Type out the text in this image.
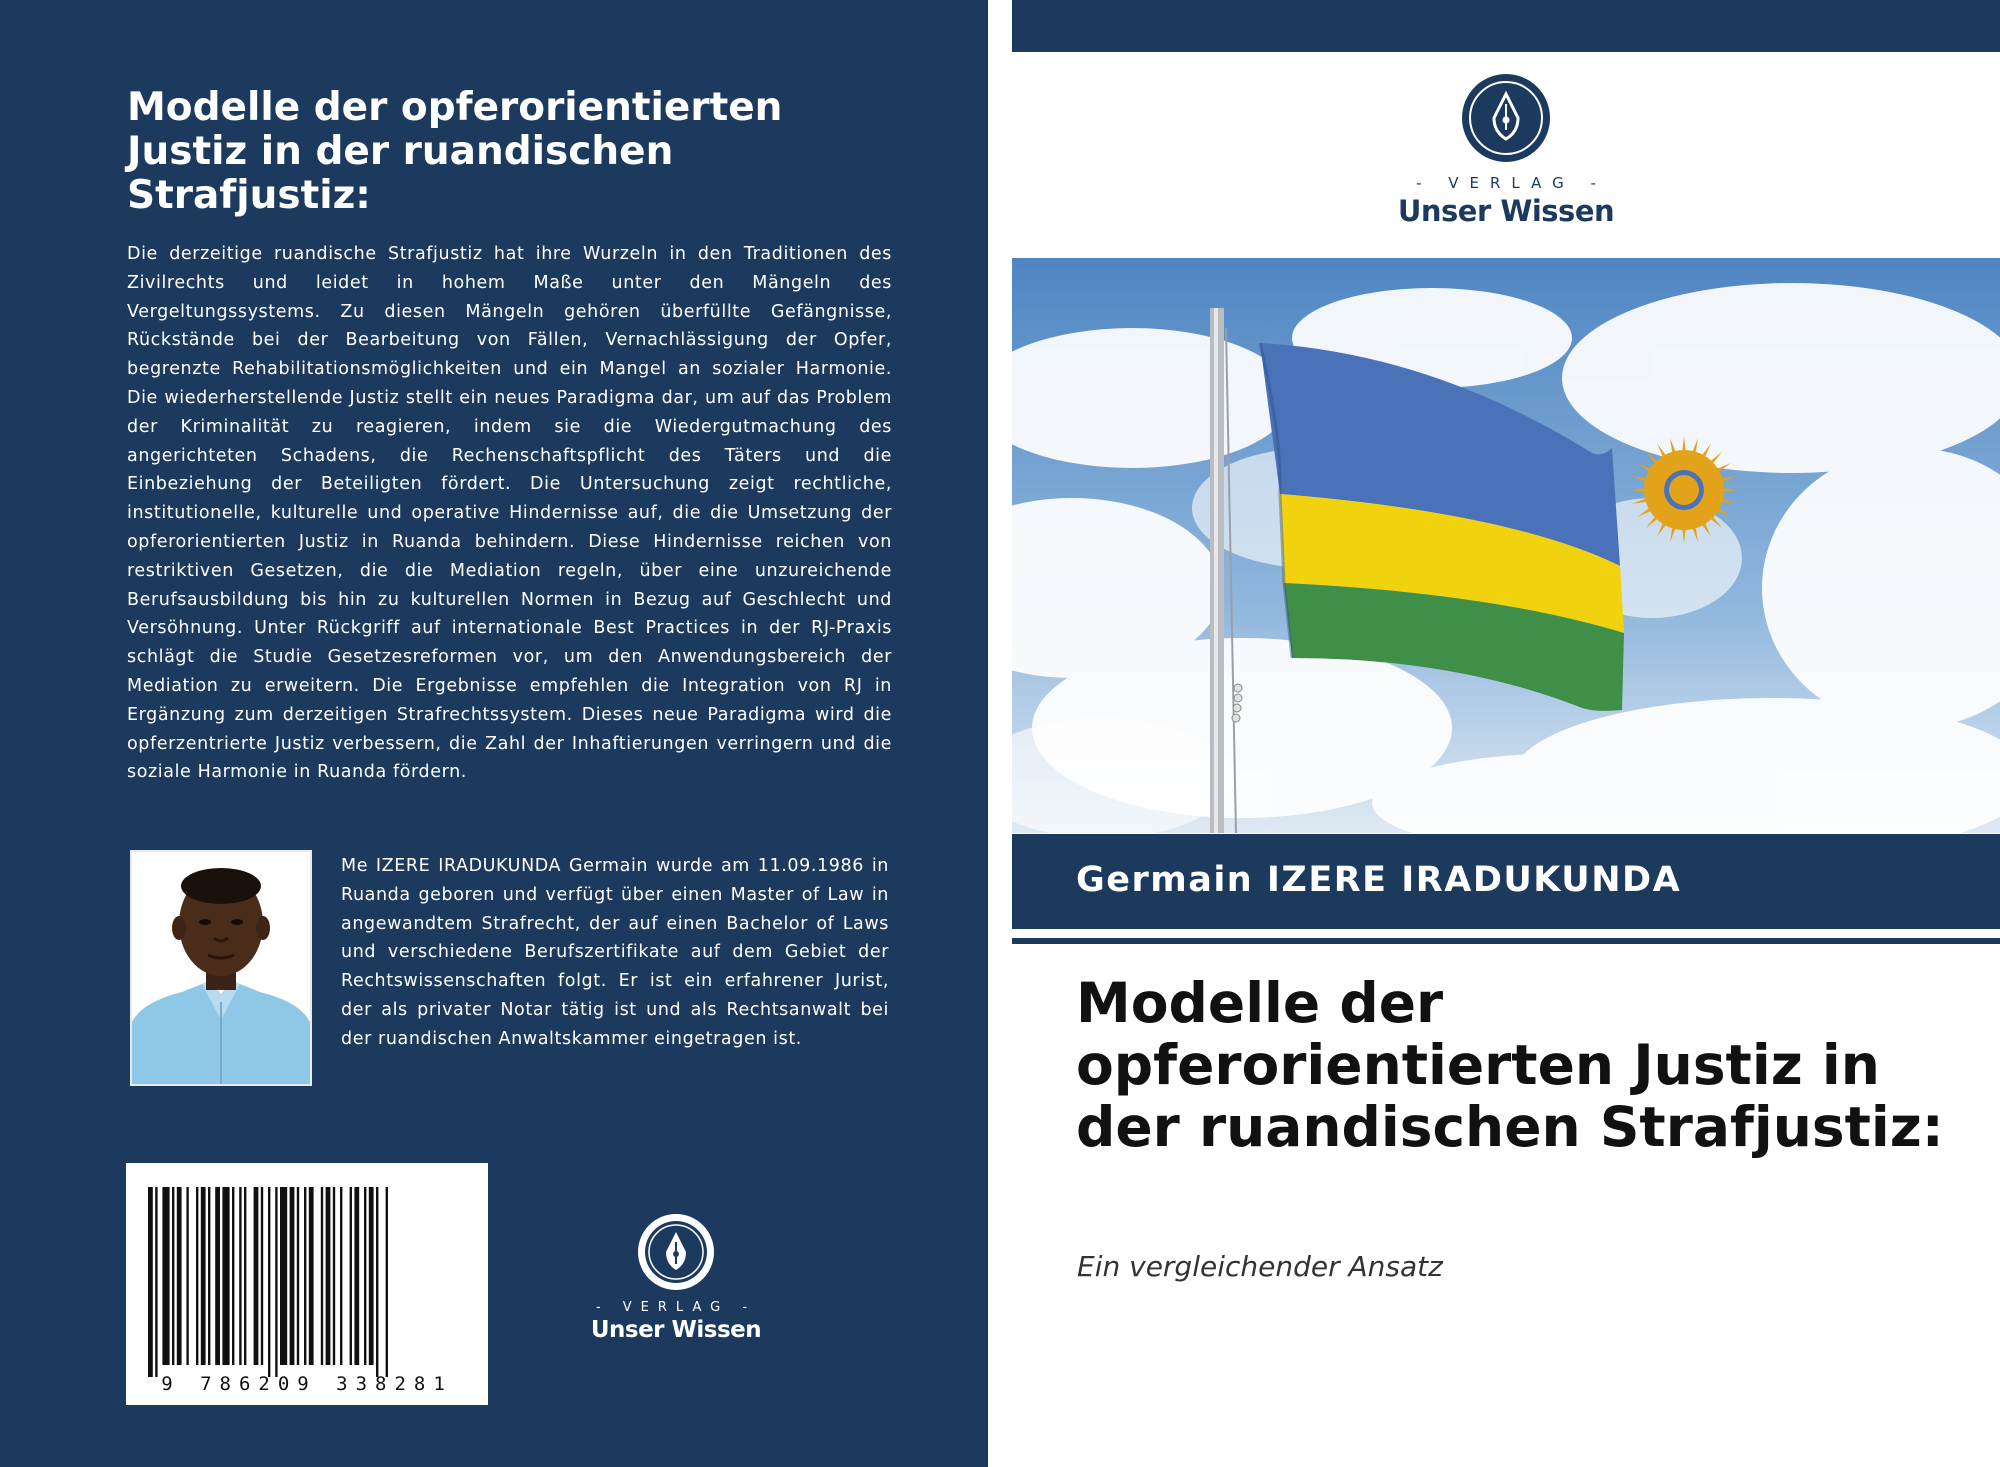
Modelle der opferorientierten Justiz in der ruandischen Strafjustiz:

Die derzeitige ruandische Strafjustiz hat ihre Wurzeln in den Traditionen des Zivilrechts und leidet in hohem Maße unter den Mängeln des Vergeltungssystems. Zu diesen Mängeln gehören überfüllte Gefängnisse, Rückstände bei der Bearbeitung von Fällen, Vernachlässigung der Opfer, begrenzte Rehabilitationsmöglichkeiten und ein Mangel an sozialer Harmonie. Die wiederherstellende Justiz stellt ein neues Paradigma dar, um auf das Problem der Kriminalität zu reagieren, indem sie die Wiedergutmachung des angerichteten Schadens, die Rechenschaftspflicht des Täters und die Einbeziehung der Beteiligten fördert. Die Untersuchung zeigt rechtliche, institutionelle, kulturelle und operative Hindernisse auf, die die Umsetzung der opferorientierten Justiz in Ruanda behindern. Diese Hindernisse reichen von restriktiven Gesetzen, die die Mediation regeln, über eine unzureichende Berufsausbildung bis hin zu kulturellen Normen in Bezug auf Geschlecht und Versöhnung. Unter Rückgriff auf internationale Best Practices in der RJ-Praxis schlägt die Studie Gesetzesreformen vor, um den Anwendungsbereich der Mediation zu erweitern. Die Ergebnisse empfehlen die Integration von RJ in Ergänzung zum derzeitigen Strafrechtssystem. Dieses neue Paradigma wird die opferzentrierte Justiz verbessern, die Zahl der Inhaftierungen verringern und die soziale Harmonie in Ruanda fördern.

Me IZERE IRADUKUNDA Germain wurde am 11.09.1986 in Ruanda geboren und verfügt über einen Master of Law in angewandtem Strafrecht, der auf einen Bachelor of Laws und verschiedene Berufszertifikate auf dem Gebiet der Rechtswissenschaften folgt. Er ist ein erfahrener Jurist, der als privater Notar tätig ist und als Rechtsanwalt bei der ruandischen Anwaltskammer eingetragen ist.

9 786209 338281
- VERLAG -
Unser Wissen
- VERLAG -
Unser Wissen
Germain IZERE IRADUKUNDA
Modelle der opferorientierten Justiz in der ruandischen Strafjustiz:

Ein vergleichender Ansatz
